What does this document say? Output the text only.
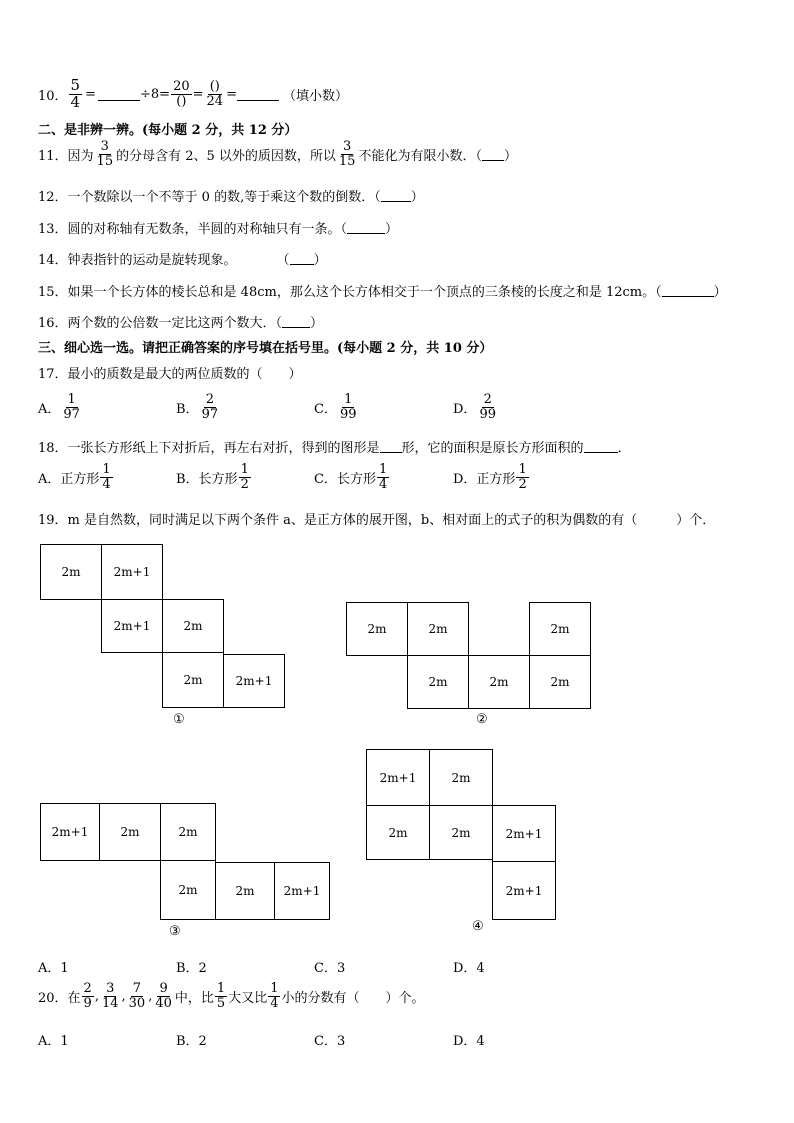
10． $\frac{5}{4}$ =	$\div 8= \frac{20}{()} = \frac{()}{24}$ =	（填小数）
二、是非辨一辨。(每小题 2 分，共 12 分）
11．因为 $\frac{3}{15}$ 的分母含有 2、5 以外的质因数，所以 $\frac{3}{15}$ 不能化为有限小数．（ ）
12．一个数除以一个不等于 0 的数,等于乘这个数的倒数．（ ）
13．圆的对称轴有无数条，半圆的对称轴只有一条。（	）
14．钟表指针的运动是旋转现象。	（ ）
15．如果一个长方体的棱长总和是 48cm，那么这个长方体相交于一个顶点的三条棱的长度之和是 12cm。（	）
16．两个数的公倍数一定比这两个数大．（ ）
三、细心选一选。请把正确答案的序号填在括号里。(每小题 2 分，共 10 分）
17．最小的质数是最大的两位质数的（　　）
A． $\frac{1}{97}$	B． $\frac{2}{97}$	C． $\frac{1}{99}$	D． $\frac{2}{99}$
18．一张长方形纸上下对折后，再左右对折，得到的图形是 形，它的面积是原长方形面积的	．
A．正方形 $\frac{1}{4}$	B．长方形 $\frac{1}{2}$	C．长方形 $\frac{1}{4}$	D．正方形 $\frac{1}{2}$
19．m 是自然数，同时满足以下两个条件 a、是正方体的展开图，b、相对面上的式子的积为偶数的有（　　　）个．
2m	2m+1
2m+1	2m
2m	2m+1
①
2m	2m	2m
2m	2m	2m
②
2m+1	2m	2m
2m	2m	2m+1
③
2m+1	2m
2m	2m	2m+1
2m+1
④
A．1	B．2	C．3	D．4
20．在 $\frac{2}{9}$ , $\frac{3}{14}$ , $\frac{7}{30}$ , $\frac{9}{40}$ 中，比 $\frac{1}{5}$ 大又比 $\frac{1}{4}$ 小的分数有（　　）个。
A．1	B．2	C．3	D．4
